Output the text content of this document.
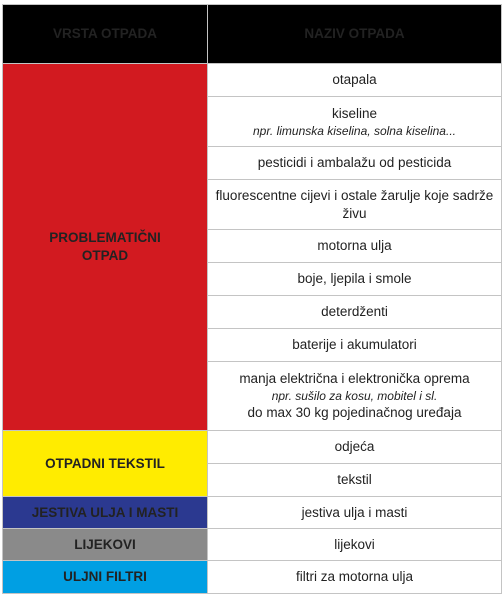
VRSTA OTPADA	NAZIV OTPADA

PROBLEMATIČNI
OTPAD	otapala

	kiseline
npr. limunska kiselina, solna kiselina...

	pesticidi i ambalažu od pesticida
	fluorescentne cijevi i ostale žarulje koje sadrže živu
	motorna ulja
	boje, ljepila i smole
	deterdženti
	baterije i akumulatori

	manja električna i elektronička oprema
npr. sušilo za kosu, mobitel i sl.
do max 30 kg pojedinačnog uređaja

OTPADNI TEKSTIL	odjeća
	tekstil
JESTIVA ULJA I MASTI	jestiva ulja i masti
LIJEKOVI	lijekovi
ULJNI FILTRI	filtri za motorna ulja
